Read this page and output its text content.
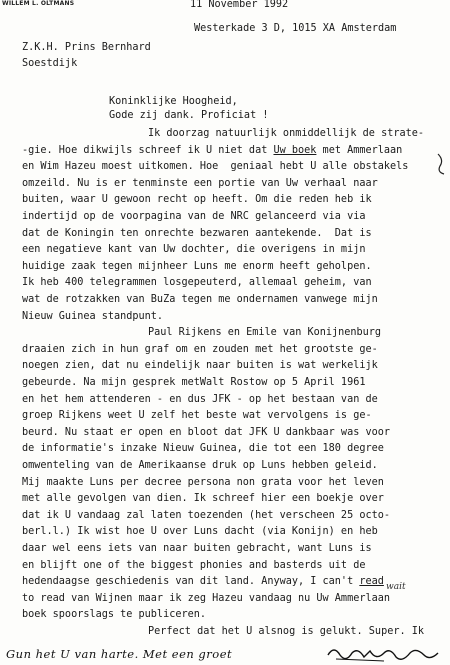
WILLEM L. OLTMANS	11 November 1992
Westerkade 3 D, 1015 XA Amsterdam
Z.K.H. Prins Bernhard
Soestdijk
Koninklijke Hoogheid,
Gode zij dank. Proficiat !
Ik doorzag natuurlijk onmiddellijk de strate-
-gie. Hoe dikwijls schreef ik U niet dat Uw boek met Ammerlaan
en Wim Hazeu moest uitkomen. Hoe  geniaal hebt U alle obstakels
omzeild. Nu is er tenminste een portie van Uw verhaal naar
buiten, waar U gewoon recht op heeft. Om die reden heb ik
indertijd op de voorpagina van de NRC gelanceerd via via
dat de Koningin ten onrechte bezwaren aantekende.  Dat is
een negatieve kant van Uw dochter, die overigens in mijn
huidige zaak tegen mijnheer Luns me enorm heeft geholpen.
Ik heb 400 telegrammen losgepeuterd, allemaal geheim, van
wat de rotzakken van BuZa tegen me ondernamen vanwege mijn
Nieuw Guinea standpunt.
Paul Rijkens en Emile van Konijnenburg
draaien zich in hun graf om en zouden met het grootste ge-
noegen zien, dat nu eindelijk naar buiten is wat werkelijk
gebeurde. Na mijn gesprek metWalt Rostow op 5 April 1961
en het hem attenderen - en dus JFK - op het bestaan van de
groep Rijkens weet U zelf het beste wat vervolgens is ge-
beurd. Nu staat er open en bloot dat JFK U dankbaar was voor
de informatie's inzake Nieuw Guinea, die tot een 180 degree
omwenteling van de Amerikaanse druk op Luns hebben geleid.
Mij maakte Luns per decree persona non grata voor het leven
met alle gevolgen van dien. Ik schreef hier een boekje over
dat ik U vandaag zal laten toezenden (het verscheen 25 octo-
berl.l.) Ik wist hoe U over Luns dacht (via Konijn) en heb
daar wel eens iets van naar buiten gebracht, want Luns is
en blijft one of the biggest phonies and basterds uit de
hedendaagse geschiedenis van dit land. Anyway, I can't read
to read van Wijnen maar ik zeg Hazeu vandaag nu Uw Ammerlaan
boek spoorslags te publiceren.
Perfect dat het U alsnog is gelukt. Super. Ik
wait
Gun het U van harte. Met een groet
